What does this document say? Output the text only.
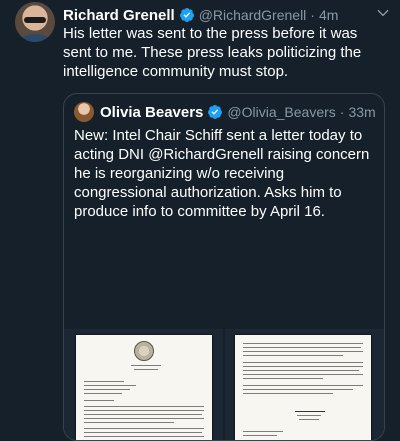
Richard Grenell @RichardGrenell · 4m

His letter was sent to the press before it was sent to me. These press leaks politicizing the intelligence community must stop.

Olivia Beavers @Olivia_Beavers · 33m

New: Intel Chair Schiff sent a letter today to acting DNI @RichardGrenell raising concern he is reorganizing w/o receiving congressional authorization. Asks him to produce info to committee by April 16.
